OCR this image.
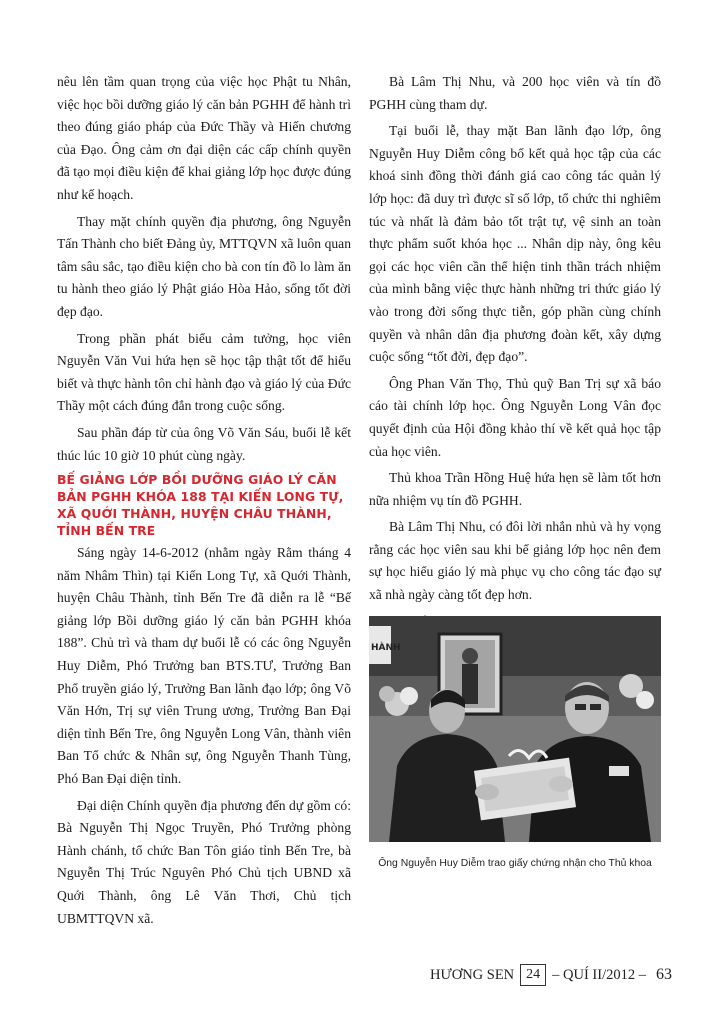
nêu lên tầm quan trọng của việc học Phật tu Nhân, việc học bồi dưỡng giáo lý căn bản PGHH để hành trì theo đúng giáo pháp của Đức Thầy và Hiến chương của Đạo. Ông cảm ơn đại diện các cấp chính quyền đã tạo mọi điều kiện để khai giảng lớp học được đúng như kế hoạch.

Thay mặt chính quyền địa phương, ông Nguyễn Tấn Thành cho biết Đảng ủy, MTTQVN xã luôn quan tâm sâu sắc, tạo điều kiện cho bà con tín đồ lo làm ăn tu hành theo giáo lý Phật giáo Hòa Hảo, sống tốt đời đẹp đạo.

Trong phần phát biểu cảm tưởng, học viên Nguyễn Văn Vui hứa hẹn sẽ học tập thật tốt để hiểu biết và thực hành tôn chỉ hành đạo và giáo lý của Đức Thầy một cách đúng đắn trong cuộc sống.

Sau phần đáp từ của ông Võ Văn Sáu, buổi lễ kết thúc lúc 10 giờ 10 phút cùng ngày.

BẾ GIẢNG LỚP BỒI DƯỠNG GIÁO LÝ CĂN BẢN PGHH KHÓA 188 TẠI KIẾN LONG TỰ, XÃ QUỚI THÀNH, HUYỆN CHÂU THÀNH, TỈNH BẾN TRE

Sáng ngày 14-6-2012 (nhằm ngày Rằm tháng 4 năm Nhâm Thìn) tại Kiến Long Tự, xã Quới Thành, huyện Châu Thành, tỉnh Bến Tre đã diễn ra lễ “Bế giảng lớp Bồi dưỡng giáo lý căn bản PGHH khóa 188”. Chủ trì và tham dự buổi lễ có các ông Nguyễn Huy Diễm, Phó Trưởng ban BTS.TƯ, Trưởng Ban Phổ truyền giáo lý, Trưởng Ban lãnh đạo lớp; ông Võ Văn Hớn, Trị sự viên Trung ương, Trưởng Ban Đại diện tỉnh Bến Tre, ông Nguyễn Long Vân, thành viên Ban Tổ chức & Nhân sự, ông Nguyễn Thanh Tùng, Phó Ban Đại diện tỉnh.

Đại diện Chính quyền địa phương đến dự gồm có: Bà Nguyễn Thị Ngọc Truyền, Phó Trưởng phòng Hành chánh, tổ chức Ban Tôn giáo tỉnh Bến Tre, bà Nguyễn Thị Trúc Nguyên Phó Chủ tịch UBND xã Quới Thành, ông Lê Văn Thơi, Chủ tịch UBMTTQVN xã.

Bà Lâm Thị Nhu, và 200 học viên và tín đồ PGHH cùng tham dự.

Tại buổi lễ, thay mặt Ban lãnh đạo lớp, ông Nguyễn Huy Diễm công bố kết quả học tập của các khoá sinh đồng thời đánh giá cao công tác quản lý lớp học: đã duy trì được sĩ số lớp, tổ chức thi nghiêm túc và nhất là đảm bảo tốt trật tự, vệ sinh an toàn thực phẩm suốt khóa học ... Nhân dịp này, ông kêu gọi các học viên cần thể hiện tinh thần trách nhiệm của mình bằng việc thực hành những tri thức giáo lý vào trong đời sống thực tiễn, góp phần cùng chính quyền và nhân dân địa phương đoàn kết, xây dựng cuộc sống “tốt đời, đẹp đạo”.

Ông Phan Văn Thọ, Thủ quỹ Ban Trị sự xã báo cáo tài chính lớp học. Ông Nguyễn Long Vân đọc quyết định của Hội đồng khảo thí về kết quả học tập của học viên.

Thủ khoa Trần Hồng Huệ hứa hẹn sẽ làm tốt hơn nữa nhiệm vụ tín đồ PGHH.

Bà Lâm Thị Nhu, có đôi lời nhắn nhủ và hy vọng rằng các học viên sau khi bế giảng lớp học nên đem sự học hiểu giáo lý mà phục vụ cho công tác đạo sự xã nhà ngày càng tốt đẹp hơn.

HÀNH
Ông Nguyễn Huy Diễm trao giấy chứng nhận cho Thủ khoa
HƯƠNG SEN 24 – QUÍ II/2012 – 63
